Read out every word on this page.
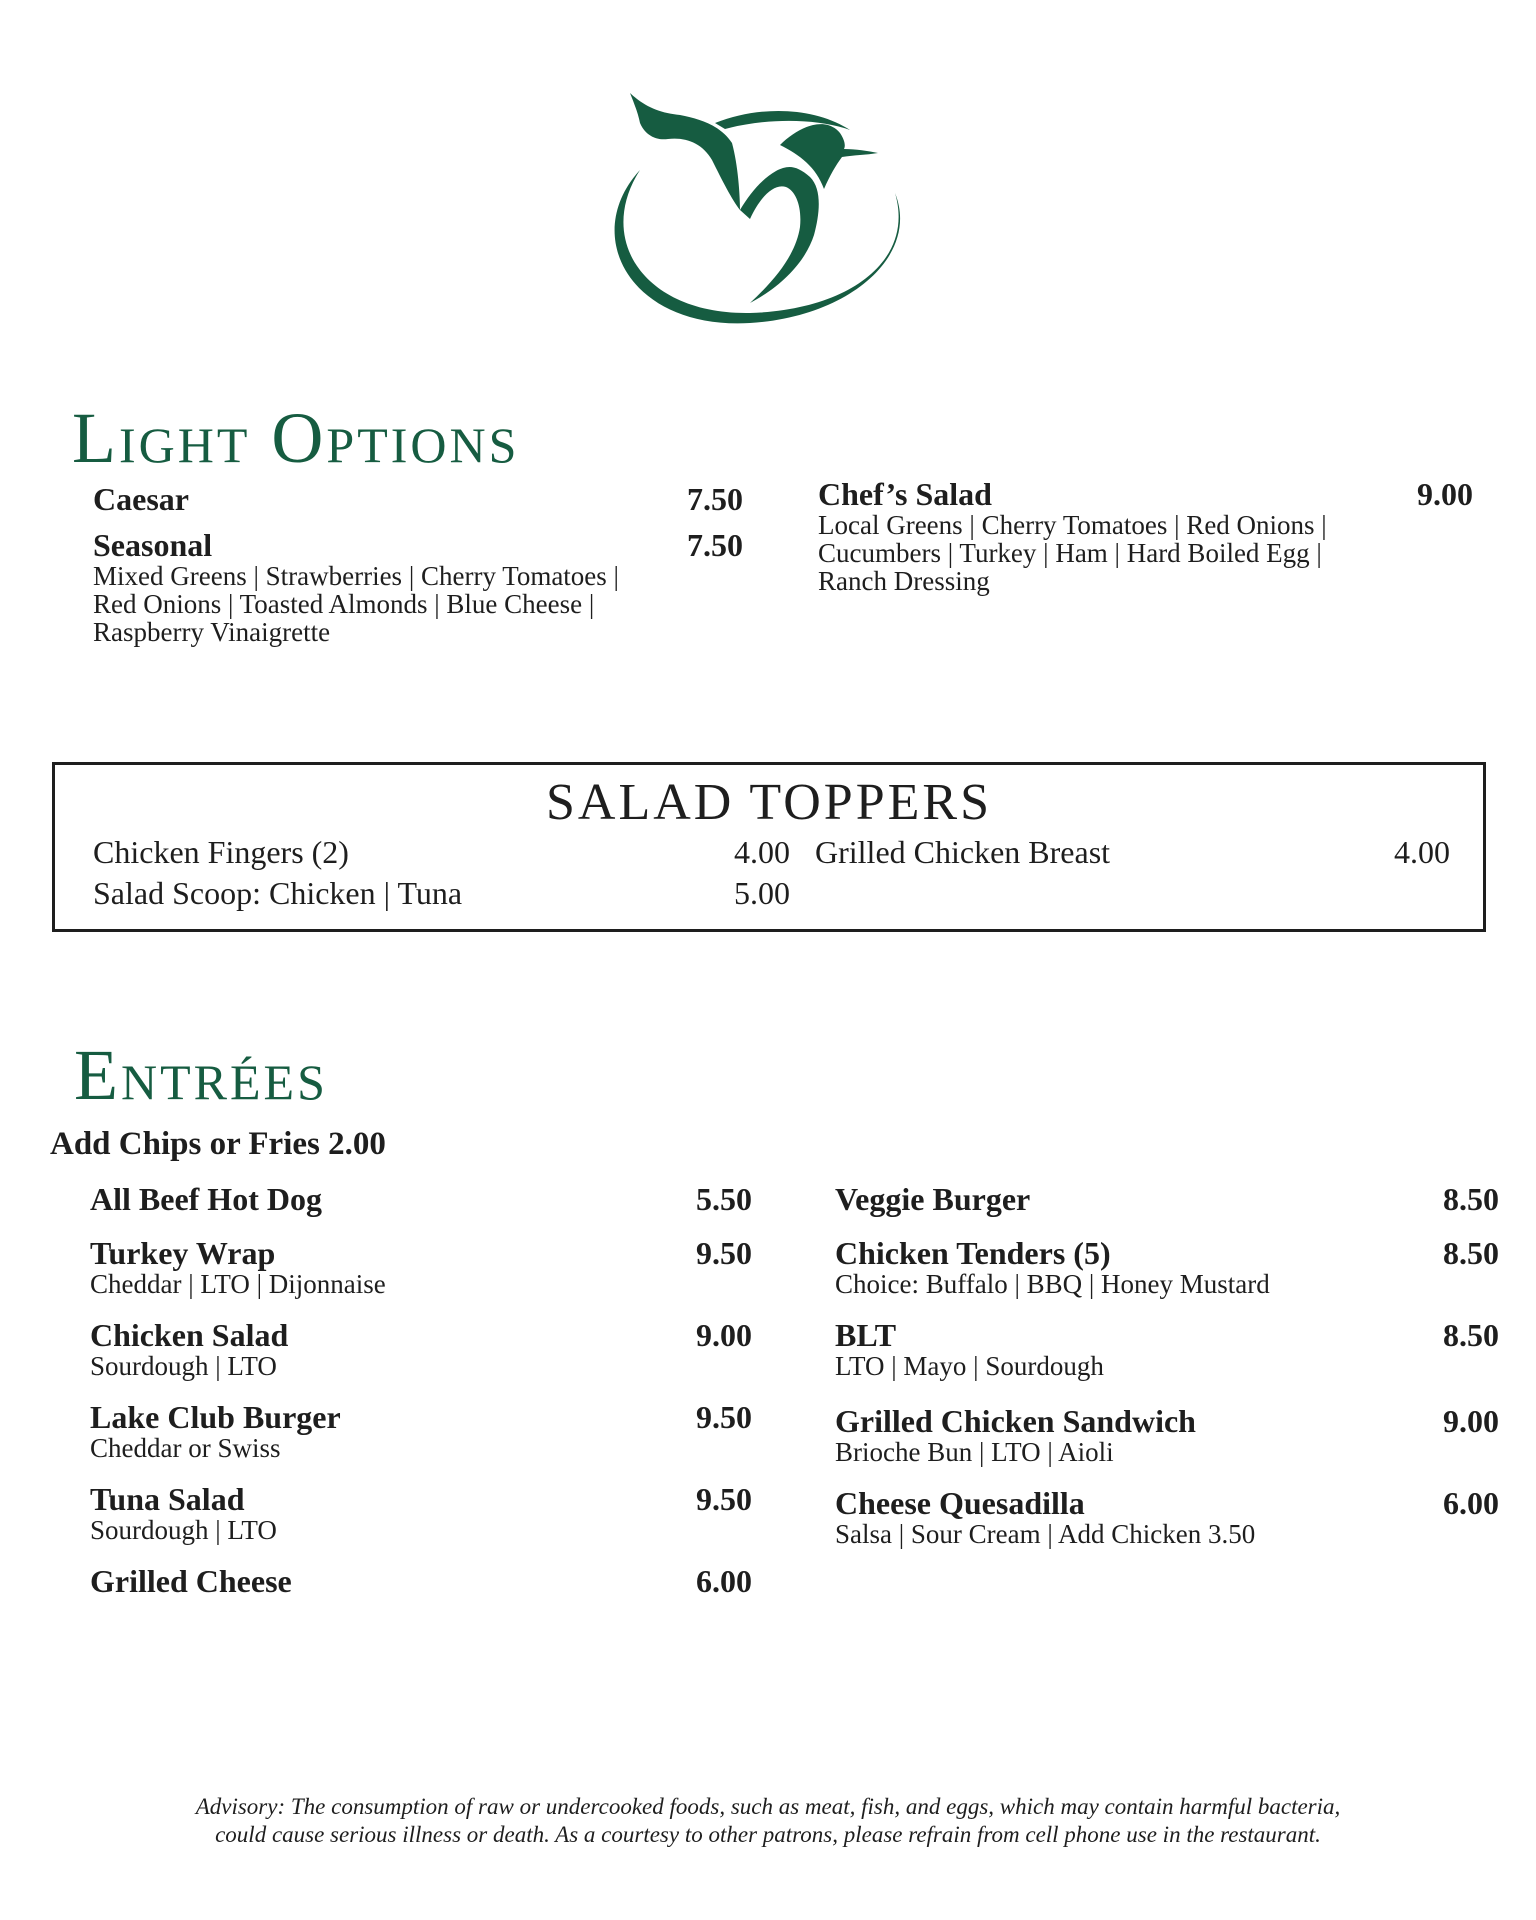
Light Options
Caesar	7.50
Seasonal	7.50
Mixed Greens | Strawberries | Cherry Tomatoes |
Red Onions | Toasted Almonds | Blue Cheese |
Raspberry Vinaigrette
Chef’s Salad	9.00
Local Greens | Cherry Tomatoes | Red Onions |
Cucumbers | Turkey | Ham | Hard Boiled Egg |
Ranch Dressing
SALAD TOPPERS
Chicken Fingers (2)	4.00
Salad Scoop: Chicken | Tuna	5.00
Grilled Chicken Breast	4.00
Entrées
Add Chips or Fries 2.00
All Beef Hot Dog	5.50
Turkey Wrap	9.50
Cheddar | LTO | Dijonnaise
Chicken Salad	9.00
Sourdough | LTO
Lake Club Burger	9.50
Cheddar or Swiss
Tuna Salad	9.50
Sourdough | LTO
Grilled Cheese	6.00
Veggie Burger	8.50
Chicken Tenders (5)	8.50
Choice: Buffalo | BBQ | Honey Mustard
BLT	8.50
LTO | Mayo | Sourdough
Grilled Chicken Sandwich	9.00
Brioche Bun | LTO | Aioli
Cheese Quesadilla	6.00
Salsa | Sour Cream | Add Chicken 3.50
Advisory: The consumption of raw or undercooked foods, such as meat, fish, and eggs, which may contain harmful bacteria,
could cause serious illness or death. As a courtesy to other patrons, please refrain from cell phone use in the restaurant.
